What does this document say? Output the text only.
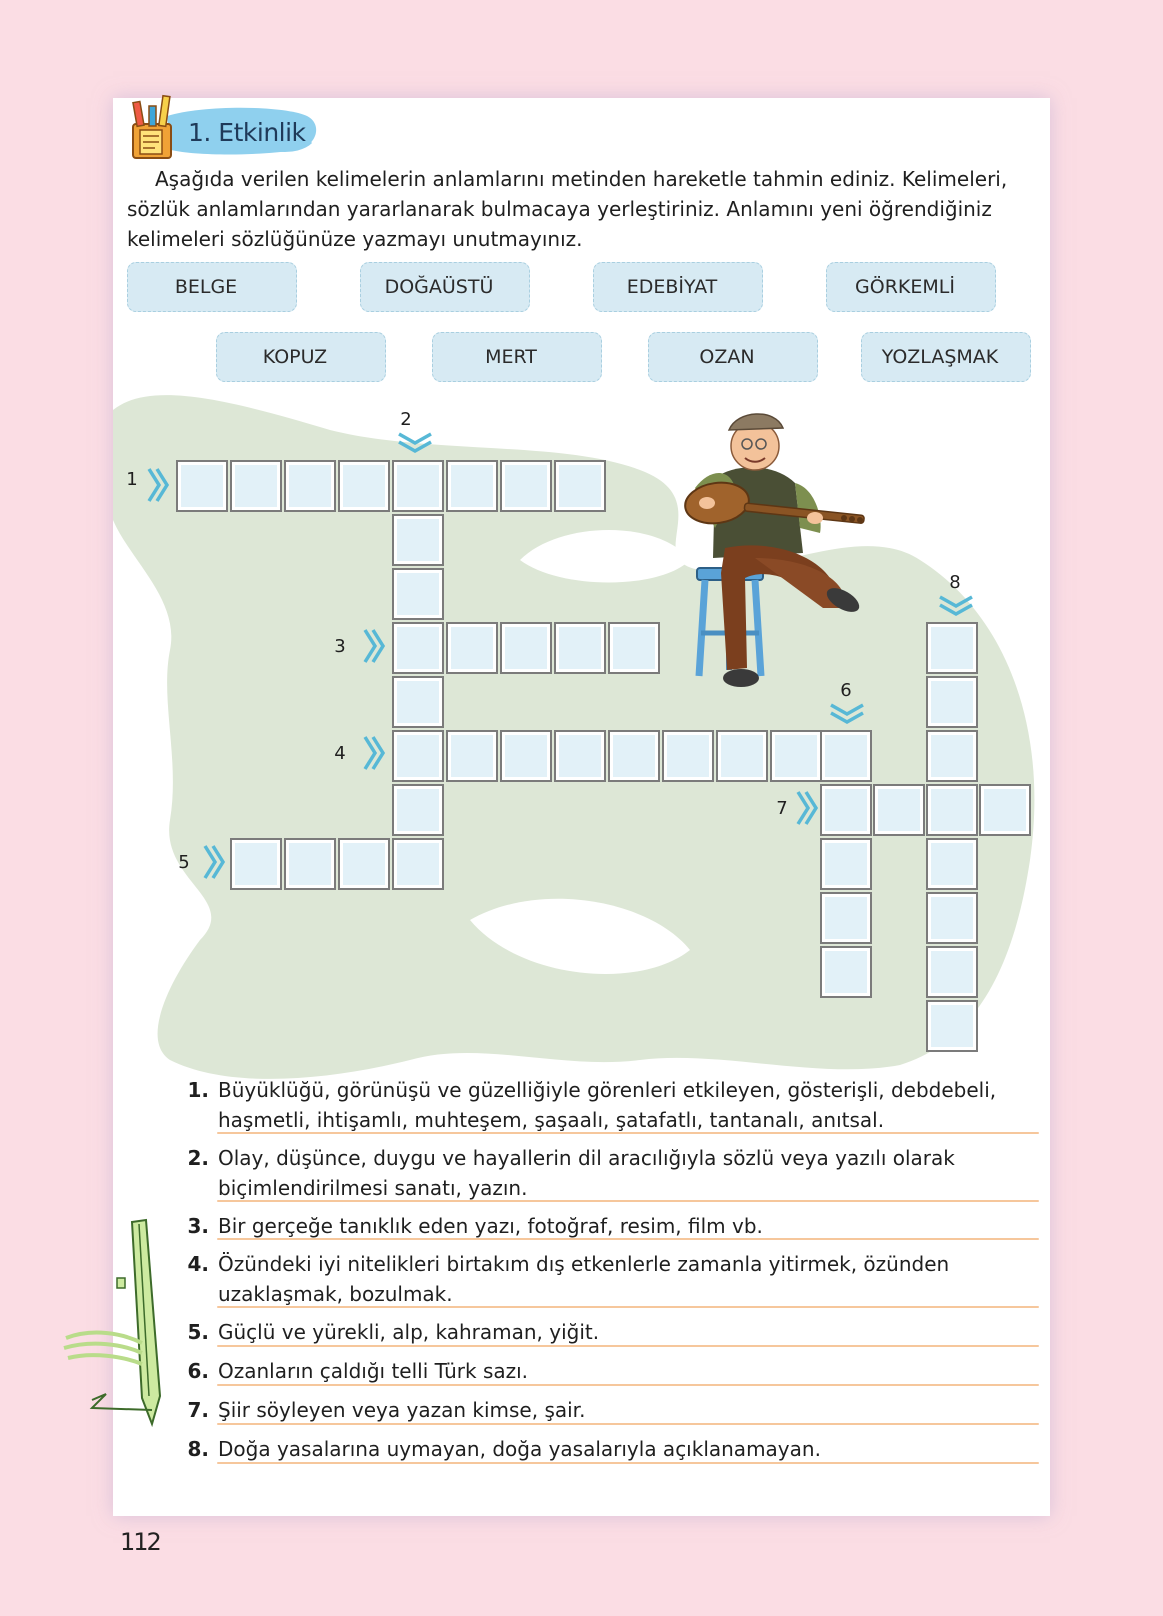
1. Etkinlik
Aşağıda verilen kelimelerin anlamlarını metinden hareketle tahmin ediniz. Kelimeleri, sözlük anlamlarından yararlanarak bulmacaya yerleştiriniz. Anlamını yeni öğrendiğiniz kelimeleri sözlüğünüze yazmayı unutmayınız.
BELGE	DOĞAÜSTÜ	EDEBİYAT	GÖRKEMLİ
KOPUZ	MERT	OZAN	YOZLAŞMAK
1
2
3
4
5
6
7
8
1. Büyüklüğü, görünüşü ve güzelliğiyle görenleri etkileyen, gösterişli, debdebeli, haşmetli, ihtişamlı, muhteşem, şaşaalı, şatafatlı, tantanalı, anıtsal.
2. Olay, düşünce, duygu ve hayallerin dil aracılığıyla sözlü veya yazılı olarak biçimlendirilmesi sanatı, yazın.
3. Bir gerçeğe tanıklık eden yazı, fotoğraf, resim, film vb.
4. Özündeki iyi nitelikleri birtakım dış etkenlerle zamanla yitirmek, özünden uzaklaşmak, bozulmak.
5. Güçlü ve yürekli, alp, kahraman, yiğit.
6. Ozanların çaldığı telli Türk sazı.
7. Şiir söyleyen veya yazan kimse, şair.
8. Doğa yasalarına uymayan, doğa yasalarıyla açıklanamayan.
112
